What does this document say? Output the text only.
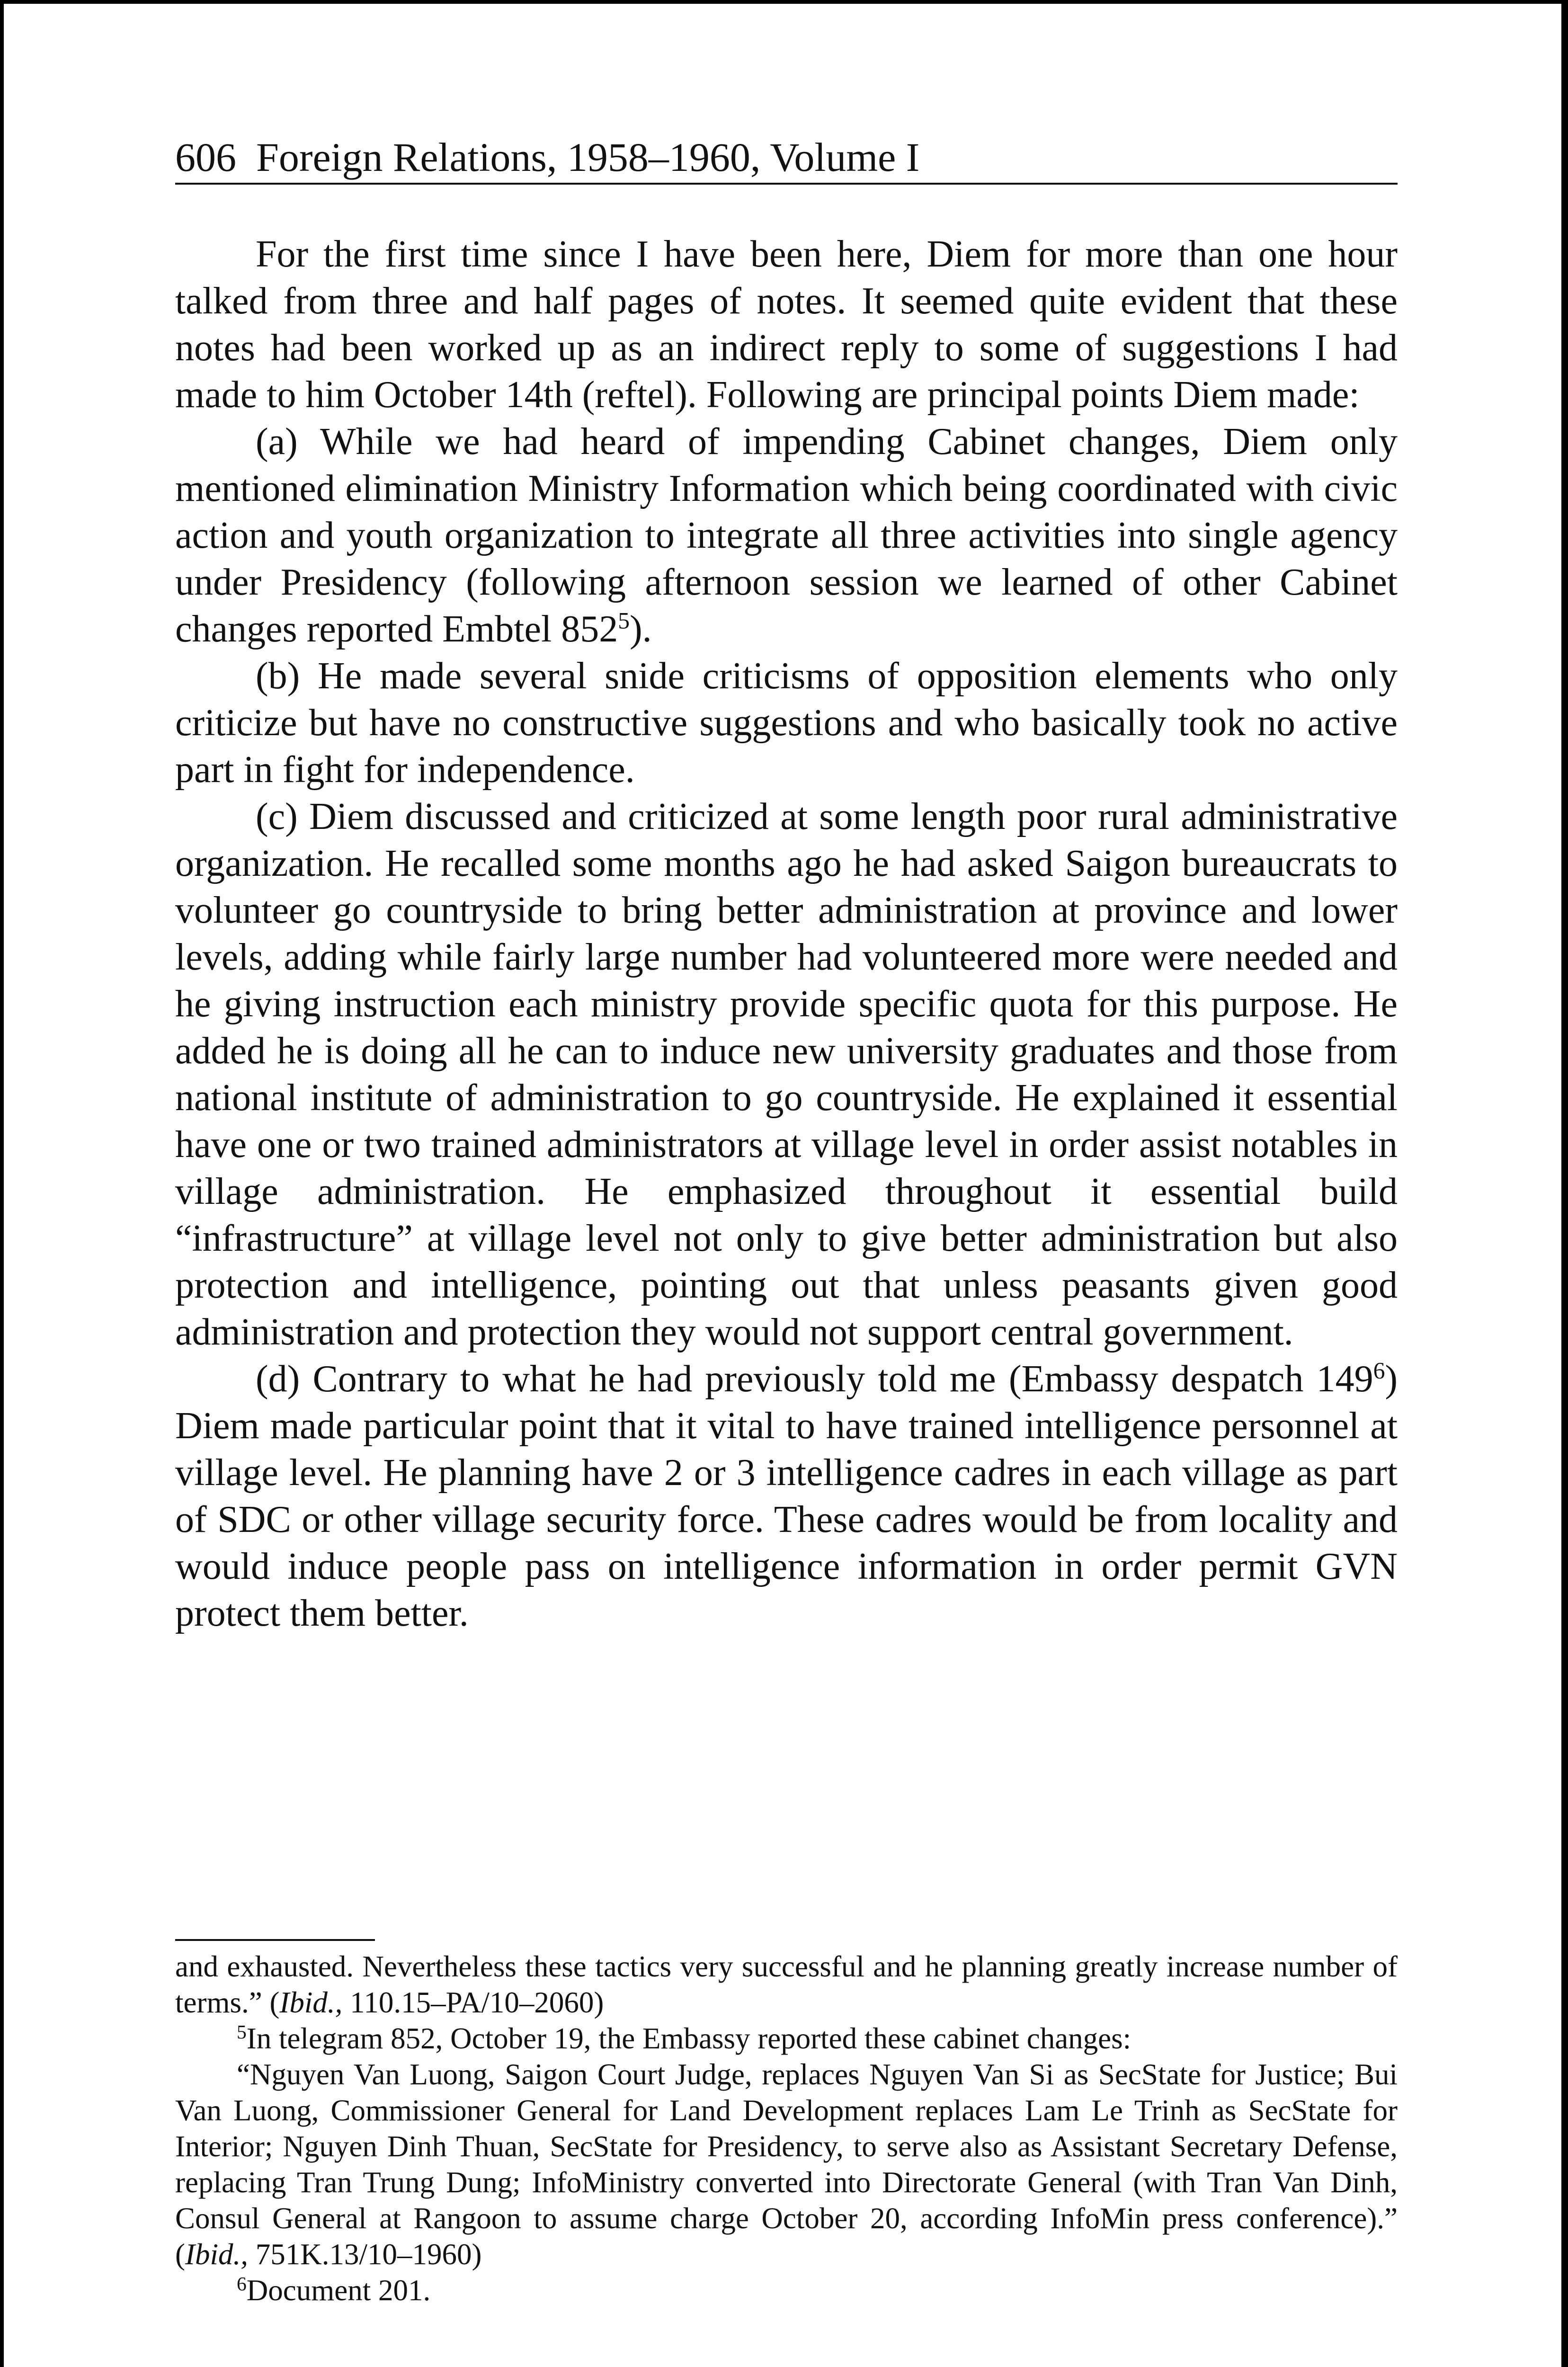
606 Foreign Relations, 1958–1960, Volume I

For the first time since I have been here, Diem for more than one hour talked from three and half pages of notes. It seemed quite evident that these notes had been worked up as an indirect reply to some of suggestions I had made to him October 14th (reftel). Following are principal points Diem made:

(a) While we had heard of impending Cabinet changes, Diem only mentioned elimination Ministry Information which being coordinated with civic action and youth organization to integrate all three activities into single agency under Presidency (following afternoon session we learned of other Cabinet changes reported Embtel $852^5$).

(b) He made several snide criticisms of opposition elements who only criticize but have no constructive suggestions and who basically took no active part in fight for independence.

(c) Diem discussed and criticized at some length poor rural administrative organization. He recalled some months ago he had asked Saigon bureaucrats to volunteer go countryside to bring better administration at province and lower levels, adding while fairly large number had volunteered more were needed and he giving instruction each ministry provide specific quota for this purpose. He added he is doing all he can to induce new university graduates and those from national institute of administration to go countryside. He explained it essential have one or two trained administrators at village level in order assist notables in village administration. He emphasized throughout it essential build “infrastructure” at village level not only to give better administration but also protection and intelligence, pointing out that unless peasants given good administration and protection they would not support central government.

(d) Contrary to what he had previously told me (Embassy despatch $149^6$) Diem made particular point that it vital to have trained intelligence personnel at village level. He planning have 2 or 3 intelligence cadres in each village as part of SDC or other village security force. These cadres would be from locality and would induce people pass on intelligence information in order permit GVN protect them better.

and exhausted. Nevertheless these tactics very successful and he planning greatly increase number of terms.” (Ibid., 110.15–PA/10–2060)

$^5$In telegram 852, October 19, the Embassy reported these cabinet changes:

“Nguyen Van Luong, Saigon Court Judge, replaces Nguyen Van Si as SecState for Justice; Bui Van Luong, Commissioner General for Land Development replaces Lam Le Trinh as SecState for Interior; Nguyen Dinh Thuan, SecState for Presidency, to serve also as Assistant Secretary Defense, replacing Tran Trung Dung; InfoMinistry converted into Directorate General (with Tran Van Dinh, Consul General at Rangoon to assume charge October 20, according InfoMin press conference).” (Ibid., 751K.13/10–1960)

$^6$Document 201.
